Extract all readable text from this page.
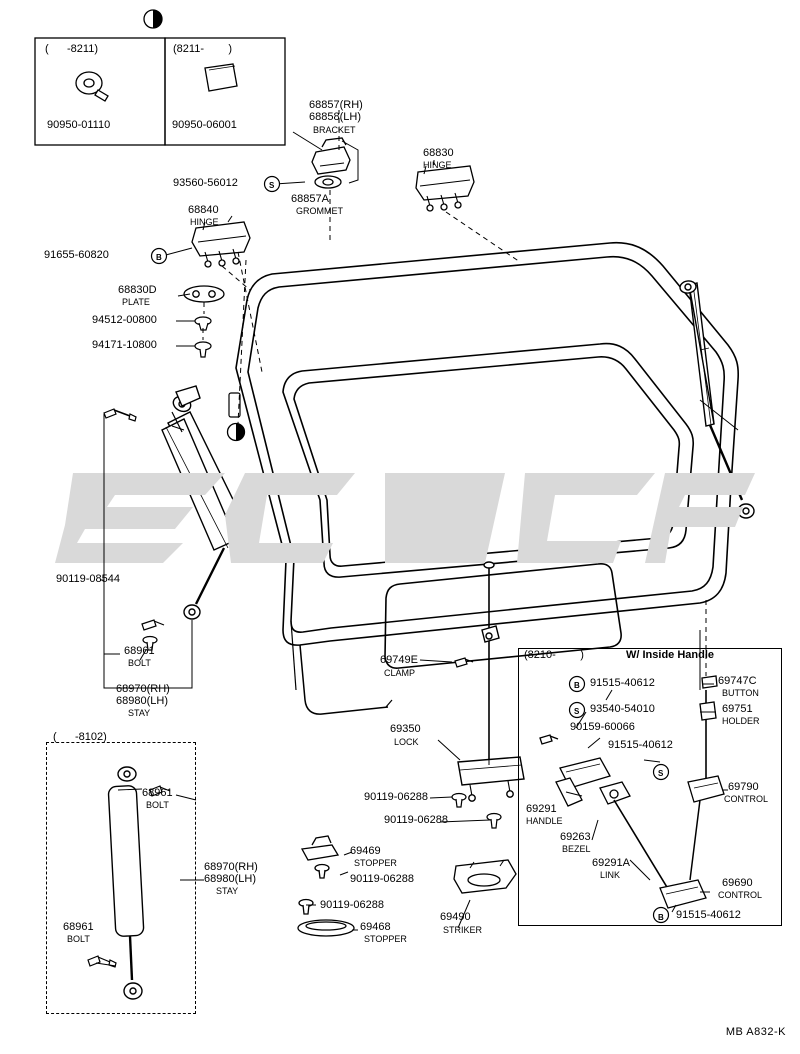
(      -8211)	(8211-        )
90950-01110	90950-06001
68857(RH)
68858(LH)
BRACKET
68830
HINGE
93560-56012	S
68857A
GROMMET
68840
HINGE
91655-60820	B
68830D
PLATE
94512-00800
94171-10800
90119-08544
68961
BOLT
68970(RH)
68980(LH)
STAY
69749E
CLAMP
69350
LOCK
90119-06288
90119-06288
69469
STOPPER
90119-06288
90119-06288
69468
STOPPER
69490
STRIKER
(      -8102)
68961
BOLT
68961
BOLT
68970(RH)
68980(LH)
STAY
(8210-        )	W/ Inside Handle
91515-40612
B
93540-54010
S
90159-60066
91515-40612
S
69747C
BUTTON
69751
HOLDER
69790
CONTROL
69291
HANDLE
69263
BEZEL
69291A
LINK
69690
CONTROL
91515-40612
B
MB A832-K
